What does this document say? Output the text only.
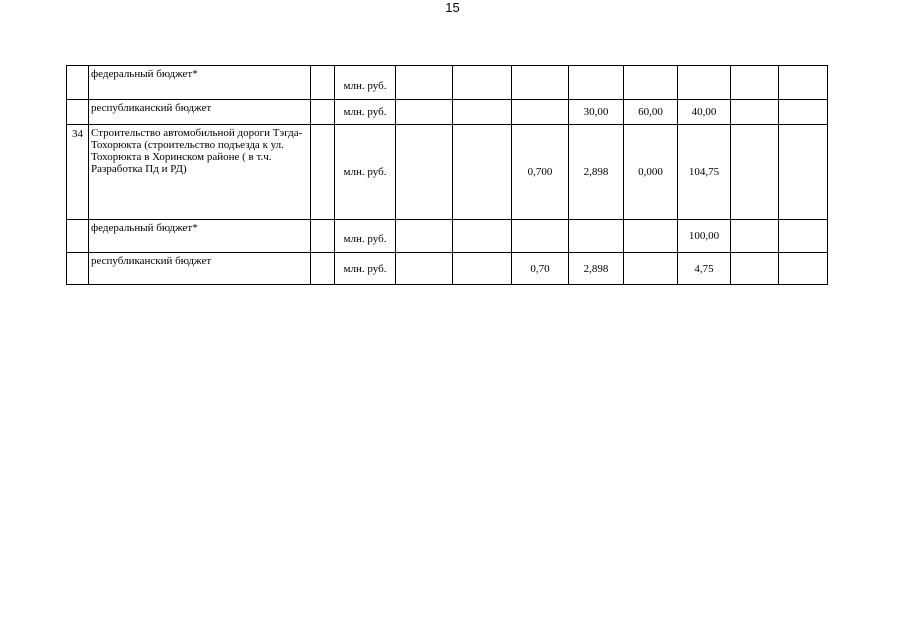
15
	федеральный бюджет*		млн. руб.								
	республиканский бюджет		млн. руб.				30,00	60,00	40,00		
34	Строительство автомобильной дороги Тэгда-Тохорюкта (строительство подъезда к ул. Тохорюкта в Хоринском районе ( в т.ч. Разработка Пд и РД)		млн. руб.			0,700	2,898	0,000	104,75		
	федеральный бюджет*		млн. руб.						100,00		
	республиканский бюджет		млн. руб.			0,70	2,898		4,75		
